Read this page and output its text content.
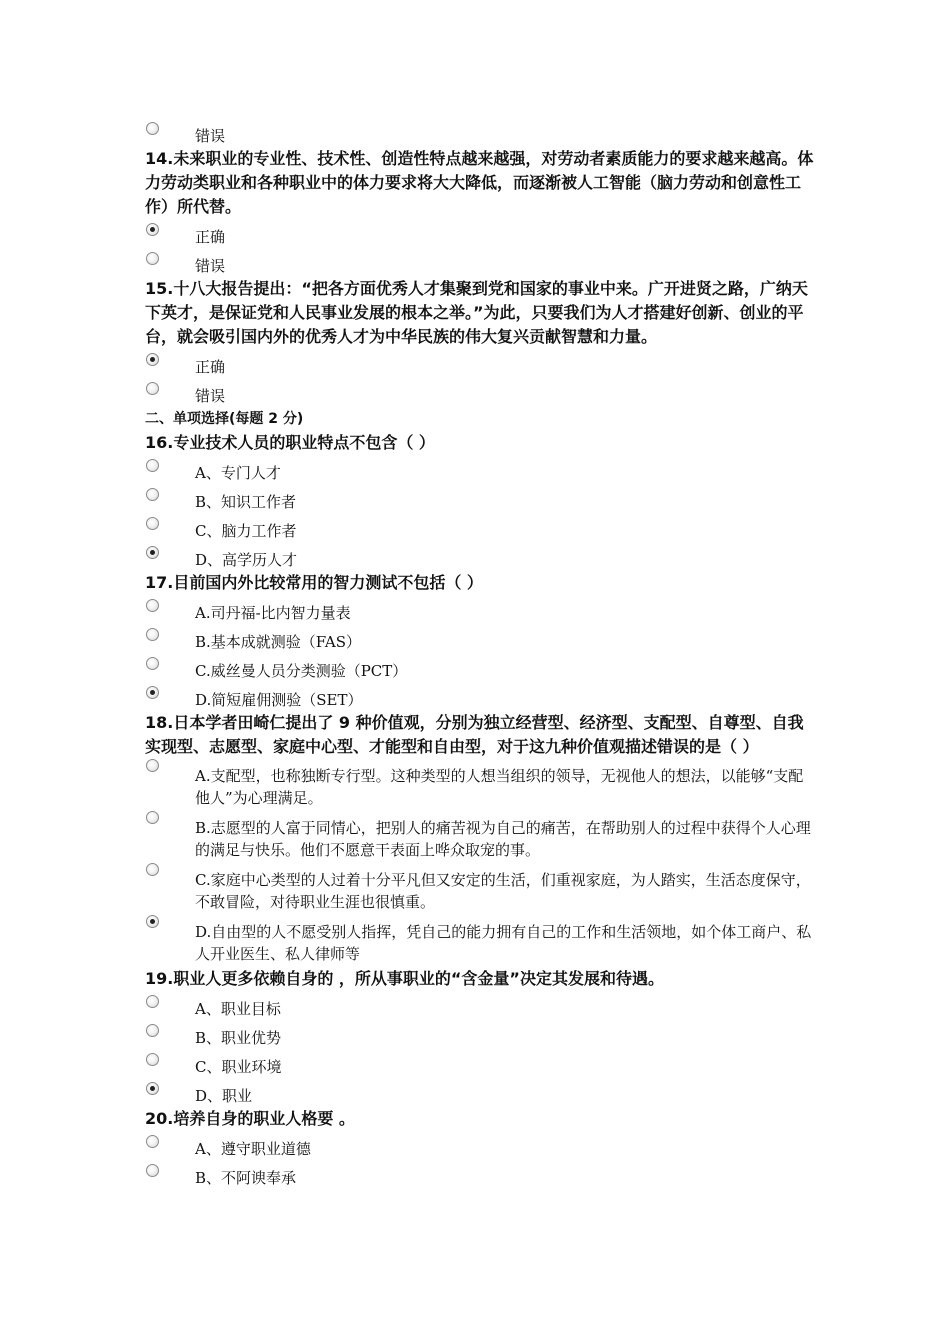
错误

14.未来职业的专业性、技术性、创造性特点越来越强，对劳动者素质能力的要求越来越高。体力劳动类职业和各种职业中的体力要求将大大降低，而逐渐被人工智能（脑力劳动和创意性工作）所代替。

正确
错误

15.十八大报告提出：“把各方面优秀人才集聚到党和国家的事业中来。广开进贤之路，广纳天下英才，是保证党和人民事业发展的根本之举。”为此，只要我们为人才搭建好创新、创业的平台，就会吸引国内外的优秀人才为中华民族的伟大复兴贡献智慧和力量。

正确
错误

二、单项选择(每题 2 分)

16.专业技术人员的职业特点不包含（ ）

A、专门人才
B、知识工作者
C、脑力工作者
D、高学历人才

17.目前国内外比较常用的智力测试不包括（ ）

A.司丹福-比内智力量表
B.基本成就测验（FAS）
C.威丝曼人员分类测验（PCT）
D.简短雇佣测验（SET）

18.日本学者田崎仁提出了 9 种价值观，分别为独立经营型、经济型、支配型、自尊型、自我实现型、志愿型、家庭中心型、才能型和自由型，对于这九种价值观描述错误的是（ ）

A.支配型，也称独断专行型。这种类型的人想当组织的领导，无视他人的想法，以能够“支配他人”为心理满足。
B.志愿型的人富于同情心，把别人的痛苦视为自己的痛苦，在帮助别人的过程中获得个人心理的满足与快乐。他们不愿意干表面上哗众取宠的事。
C.家庭中心类型的人过着十分平凡但又安定的生活，们重视家庭，为人踏实，生活态度保守，不敢冒险，对待职业生涯也很慎重。
D.自由型的人不愿受别人指挥，凭自己的能力拥有自己的工作和生活领地，如个体工商户、私人开业医生、私人律师等

19.职业人更多依赖自身的 ，所从事职业的“含金量”决定其发展和待遇。

A、职业目标
B、职业优势
C、职业环境
D、职业

20.培养自身的职业人格要 。

A、遵守职业道德
B、不阿谀奉承
